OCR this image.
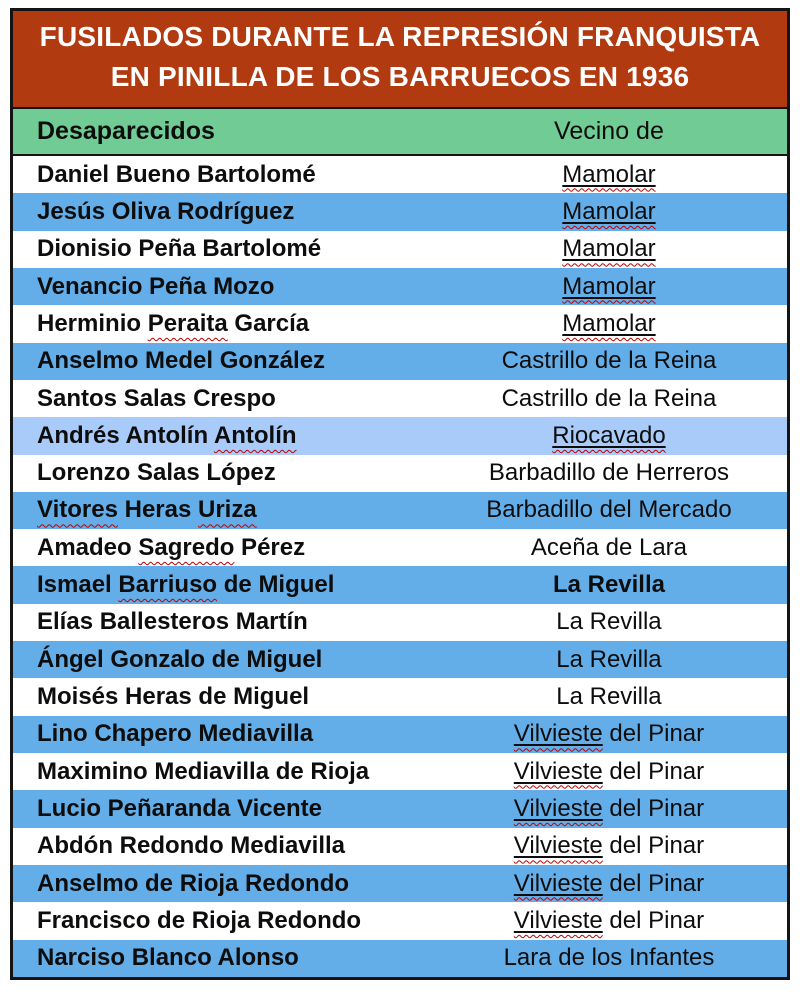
FUSILADOS DURANTE LA REPRESIÓN FRANQUISTA
EN PINILLA DE LOS BARRUECOS EN 1936
Desaparecidos	Vecino de
Daniel Bueno Bartolomé	Mamolar
Jesús Oliva Rodríguez	Mamolar
Dionisio Peña Bartolomé	Mamolar
Venancio Peña Mozo	Mamolar
Herminio Peraita García	Mamolar
Anselmo Medel González	Castrillo de la Reina
Santos Salas Crespo	Castrillo de la Reina
Andrés Antolín Antolín	Riocavado
Lorenzo Salas López	Barbadillo de Herreros
Vitores Heras Uriza	Barbadillo del Mercado
Amadeo Sagredo Pérez	Aceña de Lara
Ismael Barriuso de Miguel	La Revilla
Elías Ballesteros Martín	La Revilla
Ángel Gonzalo de Miguel	La Revilla
Moisés Heras de Miguel	La Revilla
Lino Chapero Mediavilla	Vilvieste del Pinar
Maximino Mediavilla de Rioja	Vilvieste del Pinar
Lucio Peñaranda Vicente	Vilvieste del Pinar
Abdón Redondo Mediavilla	Vilvieste del Pinar
Anselmo de Rioja Redondo	Vilvieste del Pinar
Francisco de Rioja Redondo	Vilvieste del Pinar
Narciso Blanco Alonso	Lara de los Infantes
